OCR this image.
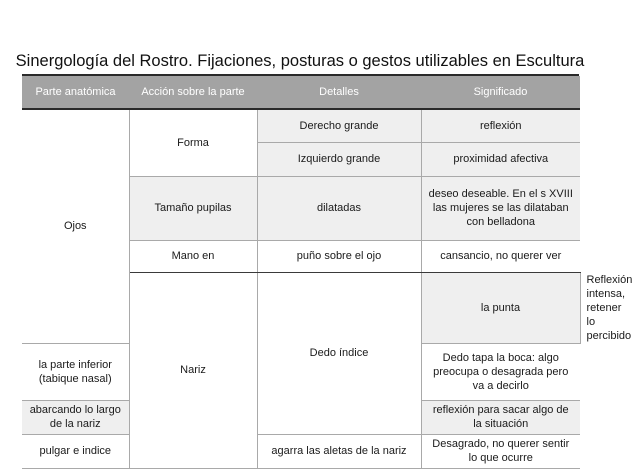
Sinergología del Rostro. Fijaciones, posturas o gestos utilizables en Escultura
Parte anatómica	Acción sobre la parte	Detalles	Significado	
Ojos	Forma	Derecho grande	reflexión	
		Izquierdo grande	proximidad afectiva	
	Tamaño pupilas	dilatadas	deseo deseable. En el s XVIII las mujeres se las dilataban con belladona	
	Mano en	puño sobre el ojo	cansancio, no querer ver	
	Nariz	Dedo índice	la punta	Reflexión intensa, retener lo percibido
la parte inferior (tabique nasal)			Dedo tapa la boca: algo preocupa o desagrada pero va a decirlo	
abarcando lo largo de la nariz			reflexión para sacar algo de la situación	
pulgar e indice		agarra las aletas de la nariz	Desagrado, no querer sentir lo que ocurre	
